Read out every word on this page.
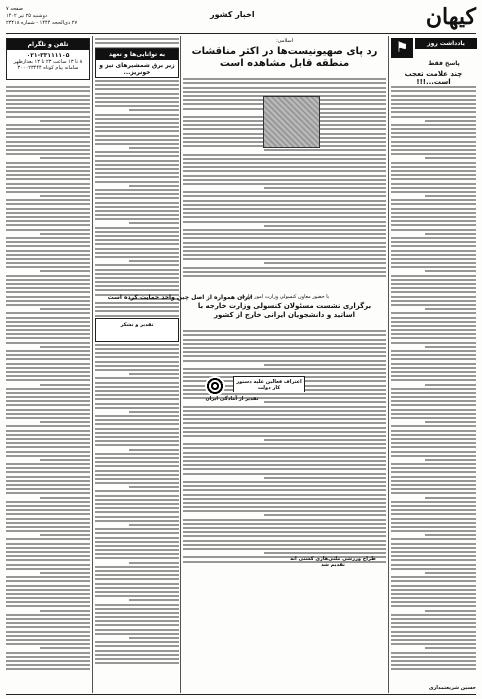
کیهان
اخبار کشور
صفحه ۷
دوشنبه ۲۵ تیر ۱۴۰۲
۲۷ ذی‌الحجه ۱۴۴۴ - شماره ۲۳۴۱۸
تلفن و تلگرام
۰۲۱-۳۳۱۱۱۱۰۵
۸ تا ۱۳ ساعت ۲۳ تا ۱۳ بعدازظهر
سامانه پیام کوتاه ۳۰۰۰۲۳۴۴۴
اسلامی:
رد پای صهیونیست‌ها در اکثر مناقشات منطقه قابل مشاهده است
با حضور معاون کنسولی وزارت امور خارجه
برگزاری نشست مسئولان کنسولی وزارت خارجه با اساتید و دانشجویان ایرانی خارج از کشور
اعتراف فعالین علیه دستور کار دولت
تقدیر از آمادگی ایران
طراح ورزشی ملتی‌هاری کشتی انه تقدیم شد
به توانایی‌ها و تعهد
زیر برق شمشیرهای تیز و خونریز...
ایران همواره از اصل چین واحد حمایت کرده است
تقدیر و تشکر
⚑	یادداشت روز
پاسخ فقط
چند علامت تعجب است...!!!
حسین شریعتمداری
